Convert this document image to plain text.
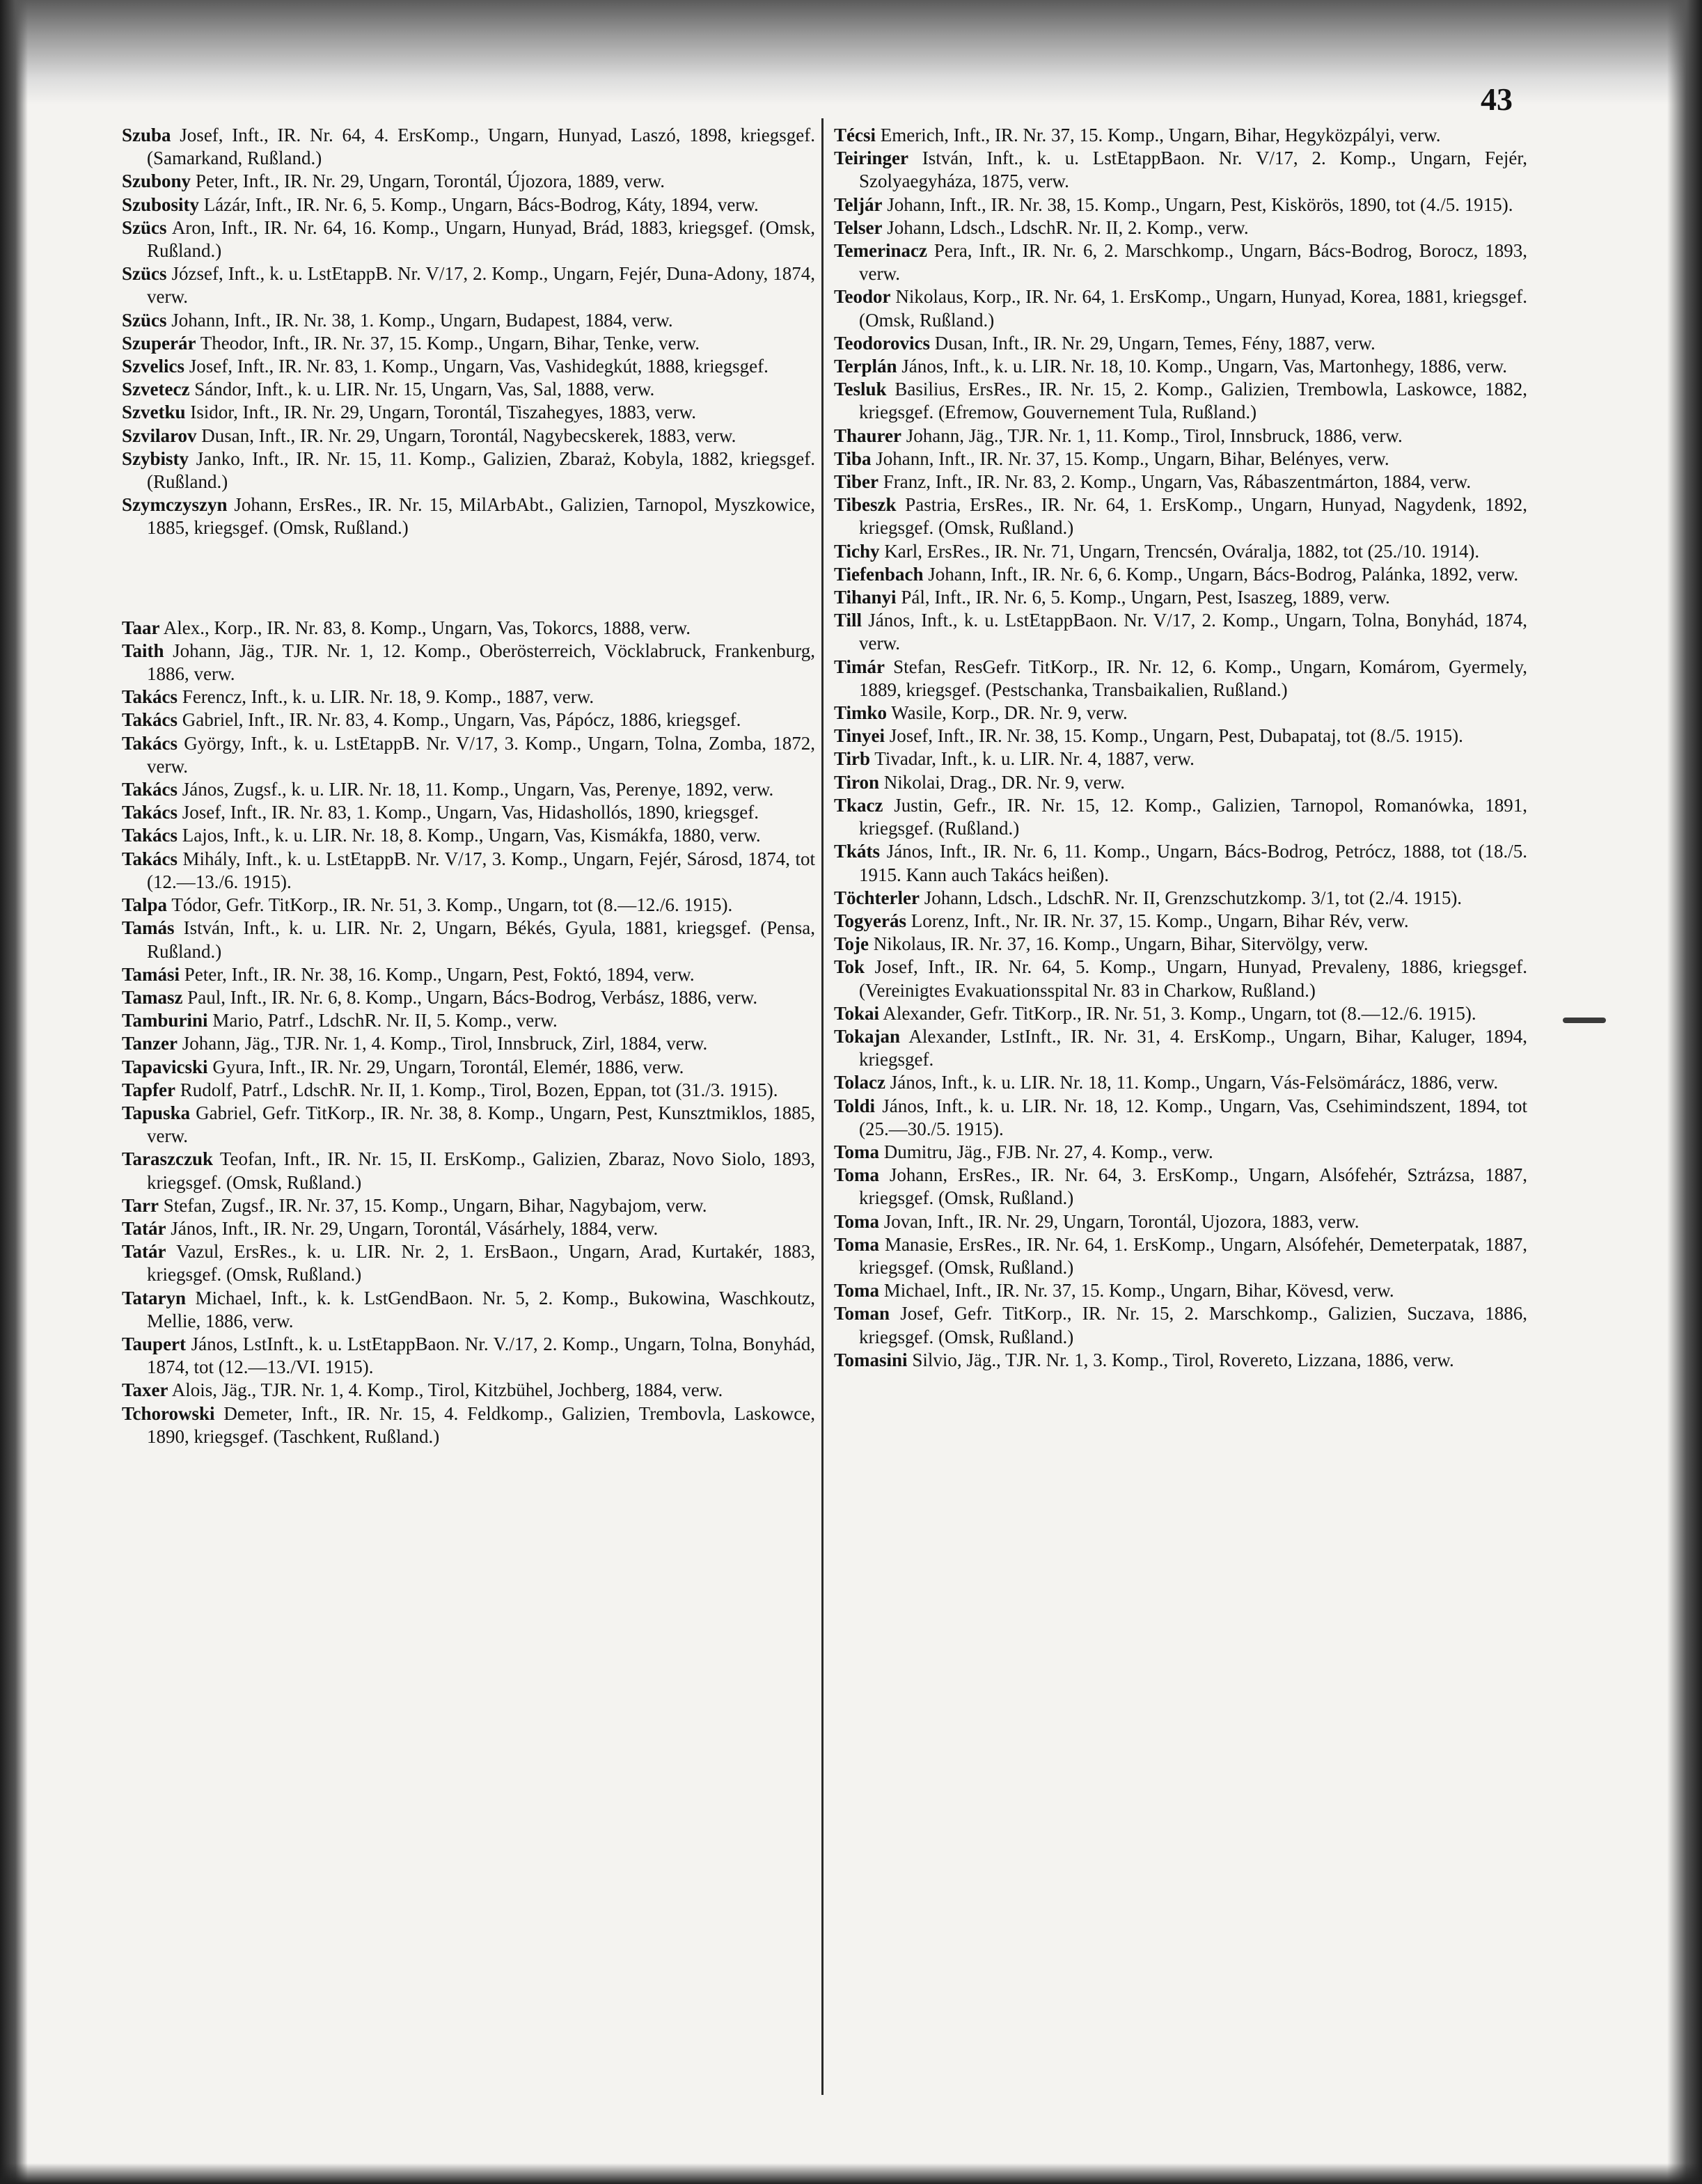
43

Szuba Josef, Inft., IR. Nr. 64, 4. ErsKomp., Ungarn, Hunyad, Laszó, 1898, kriegsgef. (Samarkand, Rußland.)

Szubony Peter, Inft., IR. Nr. 29, Ungarn, Torontál, Újozora, 1889, verw.

Szubosity Lázár, Inft., IR. Nr. 6, 5. Komp., Ungarn, Bács-Bodrog, Káty, 1894, verw.

Szücs Aron, Inft., IR. Nr. 64, 16. Komp., Ungarn, Hunyad, Brád, 1883, kriegsgef. (Omsk, Rußland.)

Szücs József, Inft., k. u. LstEtappB. Nr. V/17, 2. Komp., Ungarn, Fejér, Duna-Adony, 1874, verw.

Szücs Johann, Inft., IR. Nr. 38, 1. Komp., Ungarn, Budapest, 1884, verw.

Szuperár Theodor, Inft., IR. Nr. 37, 15. Komp., Ungarn, Bihar, Tenke, verw.

Szvelics Josef, Inft., IR. Nr. 83, 1. Komp., Ungarn, Vas, Vashidegkút, 1888, kriegsgef.

Szvetecz Sándor, Inft., k. u. LIR. Nr. 15, Ungarn, Vas, Sal, 1888, verw.

Szvetku Isidor, Inft., IR. Nr. 29, Ungarn, Torontál, Tiszahegyes, 1883, verw.

Szvilarov Dusan, Inft., IR. Nr. 29, Ungarn, Torontál, Nagybecskerek, 1883, verw.

Szybisty Janko, Inft., IR. Nr. 15, 11. Komp., Galizien, Zbaraż, Kobyla, 1882, kriegsgef. (Rußland.)

Szymczyszyn Johann, ErsRes., IR. Nr. 15, MilArbAbt., Galizien, Tarnopol, Myszkowice, 1885, kriegsgef. (Omsk, Rußland.)

Taar Alex., Korp., IR. Nr. 83, 8. Komp., Ungarn, Vas, Tokorcs, 1888, verw.

Taith Johann, Jäg., TJR. Nr. 1, 12. Komp., Oberösterreich, Vöcklabruck, Frankenburg, 1886, verw.

Takács Ferencz, Inft., k. u. LIR. Nr. 18, 9. Komp., 1887, verw.

Takács Gabriel, Inft., IR. Nr. 83, 4. Komp., Ungarn, Vas, Pápócz, 1886, kriegsgef.

Takács György, Inft., k. u. LstEtappB. Nr. V/17, 3. Komp., Ungarn, Tolna, Zomba, 1872, verw.

Takács János, Zugsf., k. u. LIR. Nr. 18, 11. Komp., Ungarn, Vas, Perenye, 1892, verw.

Takács Josef, Inft., IR. Nr. 83, 1. Komp., Ungarn, Vas, Hidashollós, 1890, kriegsgef.

Takács Lajos, Inft., k. u. LIR. Nr. 18, 8. Komp., Ungarn, Vas, Kismákfa, 1880, verw.

Takács Mihály, Inft., k. u. LstEtappB. Nr. V/17, 3. Komp., Ungarn, Fejér, Sárosd, 1874, tot (12.—13./6. 1915).

Talpa Tódor, Gefr. TitKorp., IR. Nr. 51, 3. Komp., Ungarn, tot (8.—12./6. 1915).

Tamás István, Inft., k. u. LIR. Nr. 2, Ungarn, Békés, Gyula, 1881, kriegsgef. (Pensa, Rußland.)

Tamási Peter, Inft., IR. Nr. 38, 16. Komp., Ungarn, Pest, Foktó, 1894, verw.

Tamasz Paul, Inft., IR. Nr. 6, 8. Komp., Ungarn, Bács-Bodrog, Verbász, 1886, verw.

Tamburini Mario, Patrf., LdschR. Nr. II, 5. Komp., verw.

Tanzer Johann, Jäg., TJR. Nr. 1, 4. Komp., Tirol, Innsbruck, Zirl, 1884, verw.

Tapavicski Gyura, Inft., IR. Nr. 29, Ungarn, Torontál, Elemér, 1886, verw.

Tapfer Rudolf, Patrf., LdschR. Nr. II, 1. Komp., Tirol, Bozen, Eppan, tot (31./3. 1915).

Tapuska Gabriel, Gefr. TitKorp., IR. Nr. 38, 8. Komp., Ungarn, Pest, Kunsztmiklos, 1885, verw.

Taraszczuk Teofan, Inft., IR. Nr. 15, II. ErsKomp., Galizien, Zbaraz, Novo Siolo, 1893, kriegsgef. (Omsk, Rußland.)

Tarr Stefan, Zugsf., IR. Nr. 37, 15. Komp., Ungarn, Bihar, Nagybajom, verw.

Tatár János, Inft., IR. Nr. 29, Ungarn, Torontál, Vásárhely, 1884, verw.

Tatár Vazul, ErsRes., k. u. LIR. Nr. 2, 1. ErsBaon., Ungarn, Arad, Kurtakér, 1883, kriegsgef. (Omsk, Rußland.)

Tataryn Michael, Inft., k. k. LstGendBaon. Nr. 5, 2. Komp., Bukowina, Waschkoutz, Mellie, 1886, verw.

Taupert János, LstInft., k. u. LstEtappBaon. Nr. V./17, 2. Komp., Ungarn, Tolna, Bonyhád, 1874, tot (12.—13./VI. 1915).

Taxer Alois, Jäg., TJR. Nr. 1, 4. Komp., Tirol, Kitzbühel, Jochberg, 1884, verw.

Tchorowski Demeter, Inft., IR. Nr. 15, 4. Feldkomp., Galizien, Trembovla, Laskowce, 1890, kriegsgef. (Taschkent, Rußland.)

Técsi Emerich, Inft., IR. Nr. 37, 15. Komp., Ungarn, Bihar, Hegyközpályi, verw.

Teiringer István, Inft., k. u. LstEtappBaon. Nr. V/17, 2. Komp., Ungarn, Fejér, Szolyaegyháza, 1875, verw.

Teljár Johann, Inft., IR. Nr. 38, 15. Komp., Ungarn, Pest, Kiskörös, 1890, tot (4./5. 1915).

Telser Johann, Ldsch., LdschR. Nr. II, 2. Komp., verw.

Temerinacz Pera, Inft., IR. Nr. 6, 2. Marschkomp., Ungarn, Bács-Bodrog, Borocz, 1893, verw.

Teodor Nikolaus, Korp., IR. Nr. 64, 1. ErsKomp., Ungarn, Hunyad, Korea, 1881, kriegsgef. (Omsk, Rußland.)

Teodorovics Dusan, Inft., IR. Nr. 29, Ungarn, Temes, Fény, 1887, verw.

Terplán János, Inft., k. u. LIR. Nr. 18, 10. Komp., Ungarn, Vas, Martonhegy, 1886, verw.

Tesluk Basilius, ErsRes., IR. Nr. 15, 2. Komp., Galizien, Trembowla, Laskowce, 1882, kriegsgef. (Efremow, Gouvernement Tula, Rußland.)

Thaurer Johann, Jäg., TJR. Nr. 1, 11. Komp., Tirol, Innsbruck, 1886, verw.

Tiba Johann, Inft., IR. Nr. 37, 15. Komp., Ungarn, Bihar, Belényes, verw.

Tiber Franz, Inft., IR. Nr. 83, 2. Komp., Ungarn, Vas, Rábaszentmárton, 1884, verw.

Tibeszk Pastria, ErsRes., IR. Nr. 64, 1. ErsKomp., Ungarn, Hunyad, Nagydenk, 1892, kriegsgef. (Omsk, Rußland.)

Tichy Karl, ErsRes., IR. Nr. 71, Ungarn, Trencsén, Ováralja, 1882, tot (25./10. 1914).

Tiefenbach Johann, Inft., IR. Nr. 6, 6. Komp., Ungarn, Bács-Bodrog, Palánka, 1892, verw.

Tihanyi Pál, Inft., IR. Nr. 6, 5. Komp., Ungarn, Pest, Isaszeg, 1889, verw.

Till János, Inft., k. u. LstEtappBaon. Nr. V/17, 2. Komp., Ungarn, Tolna, Bonyhád, 1874, verw.

Timár Stefan, ResGefr. TitKorp., IR. Nr. 12, 6. Komp., Ungarn, Komárom, Gyermely, 1889, kriegsgef. (Pestschanka, Transbaikalien, Rußland.)

Timko Wasile, Korp., DR. Nr. 9, verw.

Tinyei Josef, Inft., IR. Nr. 38, 15. Komp., Ungarn, Pest, Dubapataj, tot (8./5. 1915).

Tirb Tivadar, Inft., k. u. LIR. Nr. 4, 1887, verw.

Tiron Nikolai, Drag., DR. Nr. 9, verw.

Tkacz Justin, Gefr., IR. Nr. 15, 12. Komp., Galizien, Tarnopol, Romanówka, 1891, kriegsgef. (Rußland.)

Tkáts János, Inft., IR. Nr. 6, 11. Komp., Ungarn, Bács-Bodrog, Petrócz, 1888, tot (18./5. 1915. Kann auch Takács heißen).

Töchterler Johann, Ldsch., LdschR. Nr. II, Grenzschutzkomp. 3/1, tot (2./4. 1915).

Togyerás Lorenz, Inft., Nr. IR. Nr. 37, 15. Komp., Ungarn, Bihar Rév, verw.

Toje Nikolaus, IR. Nr. 37, 16. Komp., Ungarn, Bihar, Sitervölgy, verw.

Tok Josef, Inft., IR. Nr. 64, 5. Komp., Ungarn, Hunyad, Prevaleny, 1886, kriegsgef. (Vereinigtes Evakuationsspital Nr. 83 in Charkow, Rußland.)

Tokai Alexander, Gefr. TitKorp., IR. Nr. 51, 3. Komp., Ungarn, tot (8.—12./6. 1915).

Tokajan Alexander, LstInft., IR. Nr. 31, 4. ErsKomp., Ungarn, Bihar, Kaluger, 1894, kriegsgef.

Tolacz János, Inft., k. u. LIR. Nr. 18, 11. Komp., Ungarn, Vás-Felsömárácz, 1886, verw.

Toldi János, Inft., k. u. LIR. Nr. 18, 12. Komp., Ungarn, Vas, Csehimindszent, 1894, tot (25.—30./5. 1915).

Toma Dumitru, Jäg., FJB. Nr. 27, 4. Komp., verw.

Toma Johann, ErsRes., IR. Nr. 64, 3. ErsKomp., Ungarn, Alsófehér, Sztrázsa, 1887, kriegsgef. (Omsk, Rußland.)

Toma Jovan, Inft., IR. Nr. 29, Ungarn, Torontál, Ujozora, 1883, verw.

Toma Manasie, ErsRes., IR. Nr. 64, 1. ErsKomp., Ungarn, Alsófehér, Demeterpatak, 1887, kriegsgef. (Omsk, Rußland.)

Toma Michael, Inft., IR. Nr. 37, 15. Komp., Ungarn, Bihar, Kövesd, verw.

Toman Josef, Gefr. TitKorp., IR. Nr. 15, 2. Marschkomp., Galizien, Suczava, 1886, kriegsgef. (Omsk, Rußland.)

Tomasini Silvio, Jäg., TJR. Nr. 1, 3. Komp., Tirol, Rovereto, Lizzana, 1886, verw.
